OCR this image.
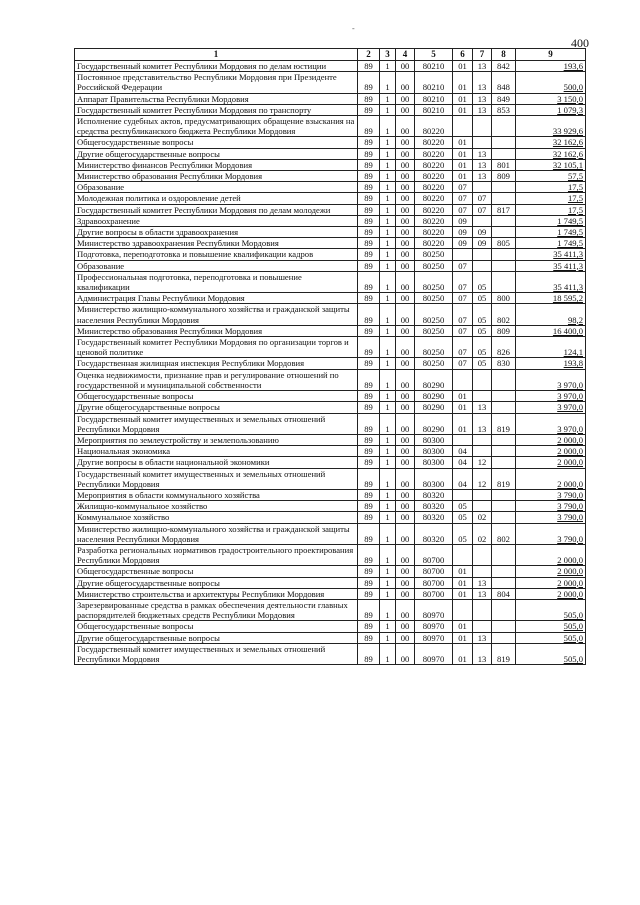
-
400
1	2	3	4	5	6	7	8	9
Государственный комитет Республики Мордовия по делам юстиции	89	1	00	80210	01	13	842	193,6
Постоянное представительство Республики Мордовия при Президенте Российской Федерации	89	1	00	80210	01	13	848	500,0
Аппарат Правительства Республики Мордовия	89	1	00	80210	01	13	849	3 150,0
Государственный комитет Республики Мордовия по транспорту	89	1	00	80210	01	13	853	1 079,3
Исполнение судебных актов, предусматривающих обращение взыскания на средства республиканского бюджета Республики Мордовия	89	1	00	80220				33 929,6
Общегосударственные вопросы	89	1	00	80220	01			32 162,6
Другие общегосударственные вопросы	89	1	00	80220	01	13		32 162,6
Министерство финансов Республики Мордовия	89	1	00	80220	01	13	801	32 105,1
Министерство образования Республики Мордовия	89	1	00	80220	01	13	809	57,5
Образование	89	1	00	80220	07			17,5
Молодежная политика и оздоровление детей	89	1	00	80220	07	07		17,5
Государственный комитет Республики Мордовия по делам молодежи	89	1	00	80220	07	07	817	17,5
Здравоохранение	89	1	00	80220	09			1 749,5
Другие вопросы в области здравоохранения	89	1	00	80220	09	09		1 749,5
Министерство здравоохранения Республики Мордовия	89	1	00	80220	09	09	805	1 749,5
Подготовка, переподготовка и повышение квалификации кадров	89	1	00	80250				35 411,3
Образование	89	1	00	80250	07			35 411,3
Профессиональная подготовка, переподготовка и повышение квалификации	89	1	00	80250	07	05		35 411,3
Администрация Главы Республики Мордовия	89	1	00	80250	07	05	800	18 595,2
Министерство жилищно-коммунального хозяйства и гражданской защиты населения Республики Мордовия	89	1	00	80250	07	05	802	98,2
Министерство образования Республики Мордовия	89	1	00	80250	07	05	809	16 400,0
Государственный комитет Республики Мордовия по организации торгов и ценовой политике	89	1	00	80250	07	05	826	124,1
Государственная жилищная инспекция Республики Мордовия	89	1	00	80250	07	05	830	193,8
Оценка недвижимости, признание прав и регулирование отношений по государственной и муниципальной собственности	89	1	00	80290				3 970,0
Общегосударственные вопросы	89	1	00	80290	01			3 970,0
Другие общегосударственные вопросы	89	1	00	80290	01	13		3 970,0
Государственный комитет имущественных и земельных отношений Республики Мордовия	89	1	00	80290	01	13	819	3 970,0
Мероприятия по землеустройству и землепользованию	89	1	00	80300				2 000,0
Национальная экономика	89	1	00	80300	04			2 000,0
Другие вопросы в области национальной экономики	89	1	00	80300	04	12		2 000,0
Государственный комитет имущественных и земельных отношений Республики Мордовия	89	1	00	80300	04	12	819	2 000,0
Мероприятия в области коммунального хозяйства	89	1	00	80320				3 790,0
Жилищно-коммунальное хозяйство	89	1	00	80320	05			3 790,0
Коммунальное хозяйство	89	1	00	80320	05	02		3 790,0
Министерство жилищно-коммунального хозяйства и гражданской защиты населения Республики Мордовия	89	1	00	80320	05	02	802	3 790,0
Разработка региональных нормативов градостроительного проектирования Республики Мордовия	89	1	00	80700				2 000,0
Общегосударственные вопросы	89	1	00	80700	01			2 000,0
Другие общегосударственные вопросы	89	1	00	80700	01	13		2 000,0
Министерство строительства и архитектуры Республики Мордовия	89	1	00	80700	01	13	804	2 000,0
Зарезервированные средства в рамках обеспечения деятельности главных распорядителей бюджетных средств Республики Мордовия	89	1	00	80970				505,0
Общегосударственные вопросы	89	1	00	80970	01			505,0
Другие общегосударственные вопросы	89	1	00	80970	01	13		505,0
Государственный комитет имущественных и земельных отношений Республики Мордовия	89	1	00	80970	01	13	819	505,0
